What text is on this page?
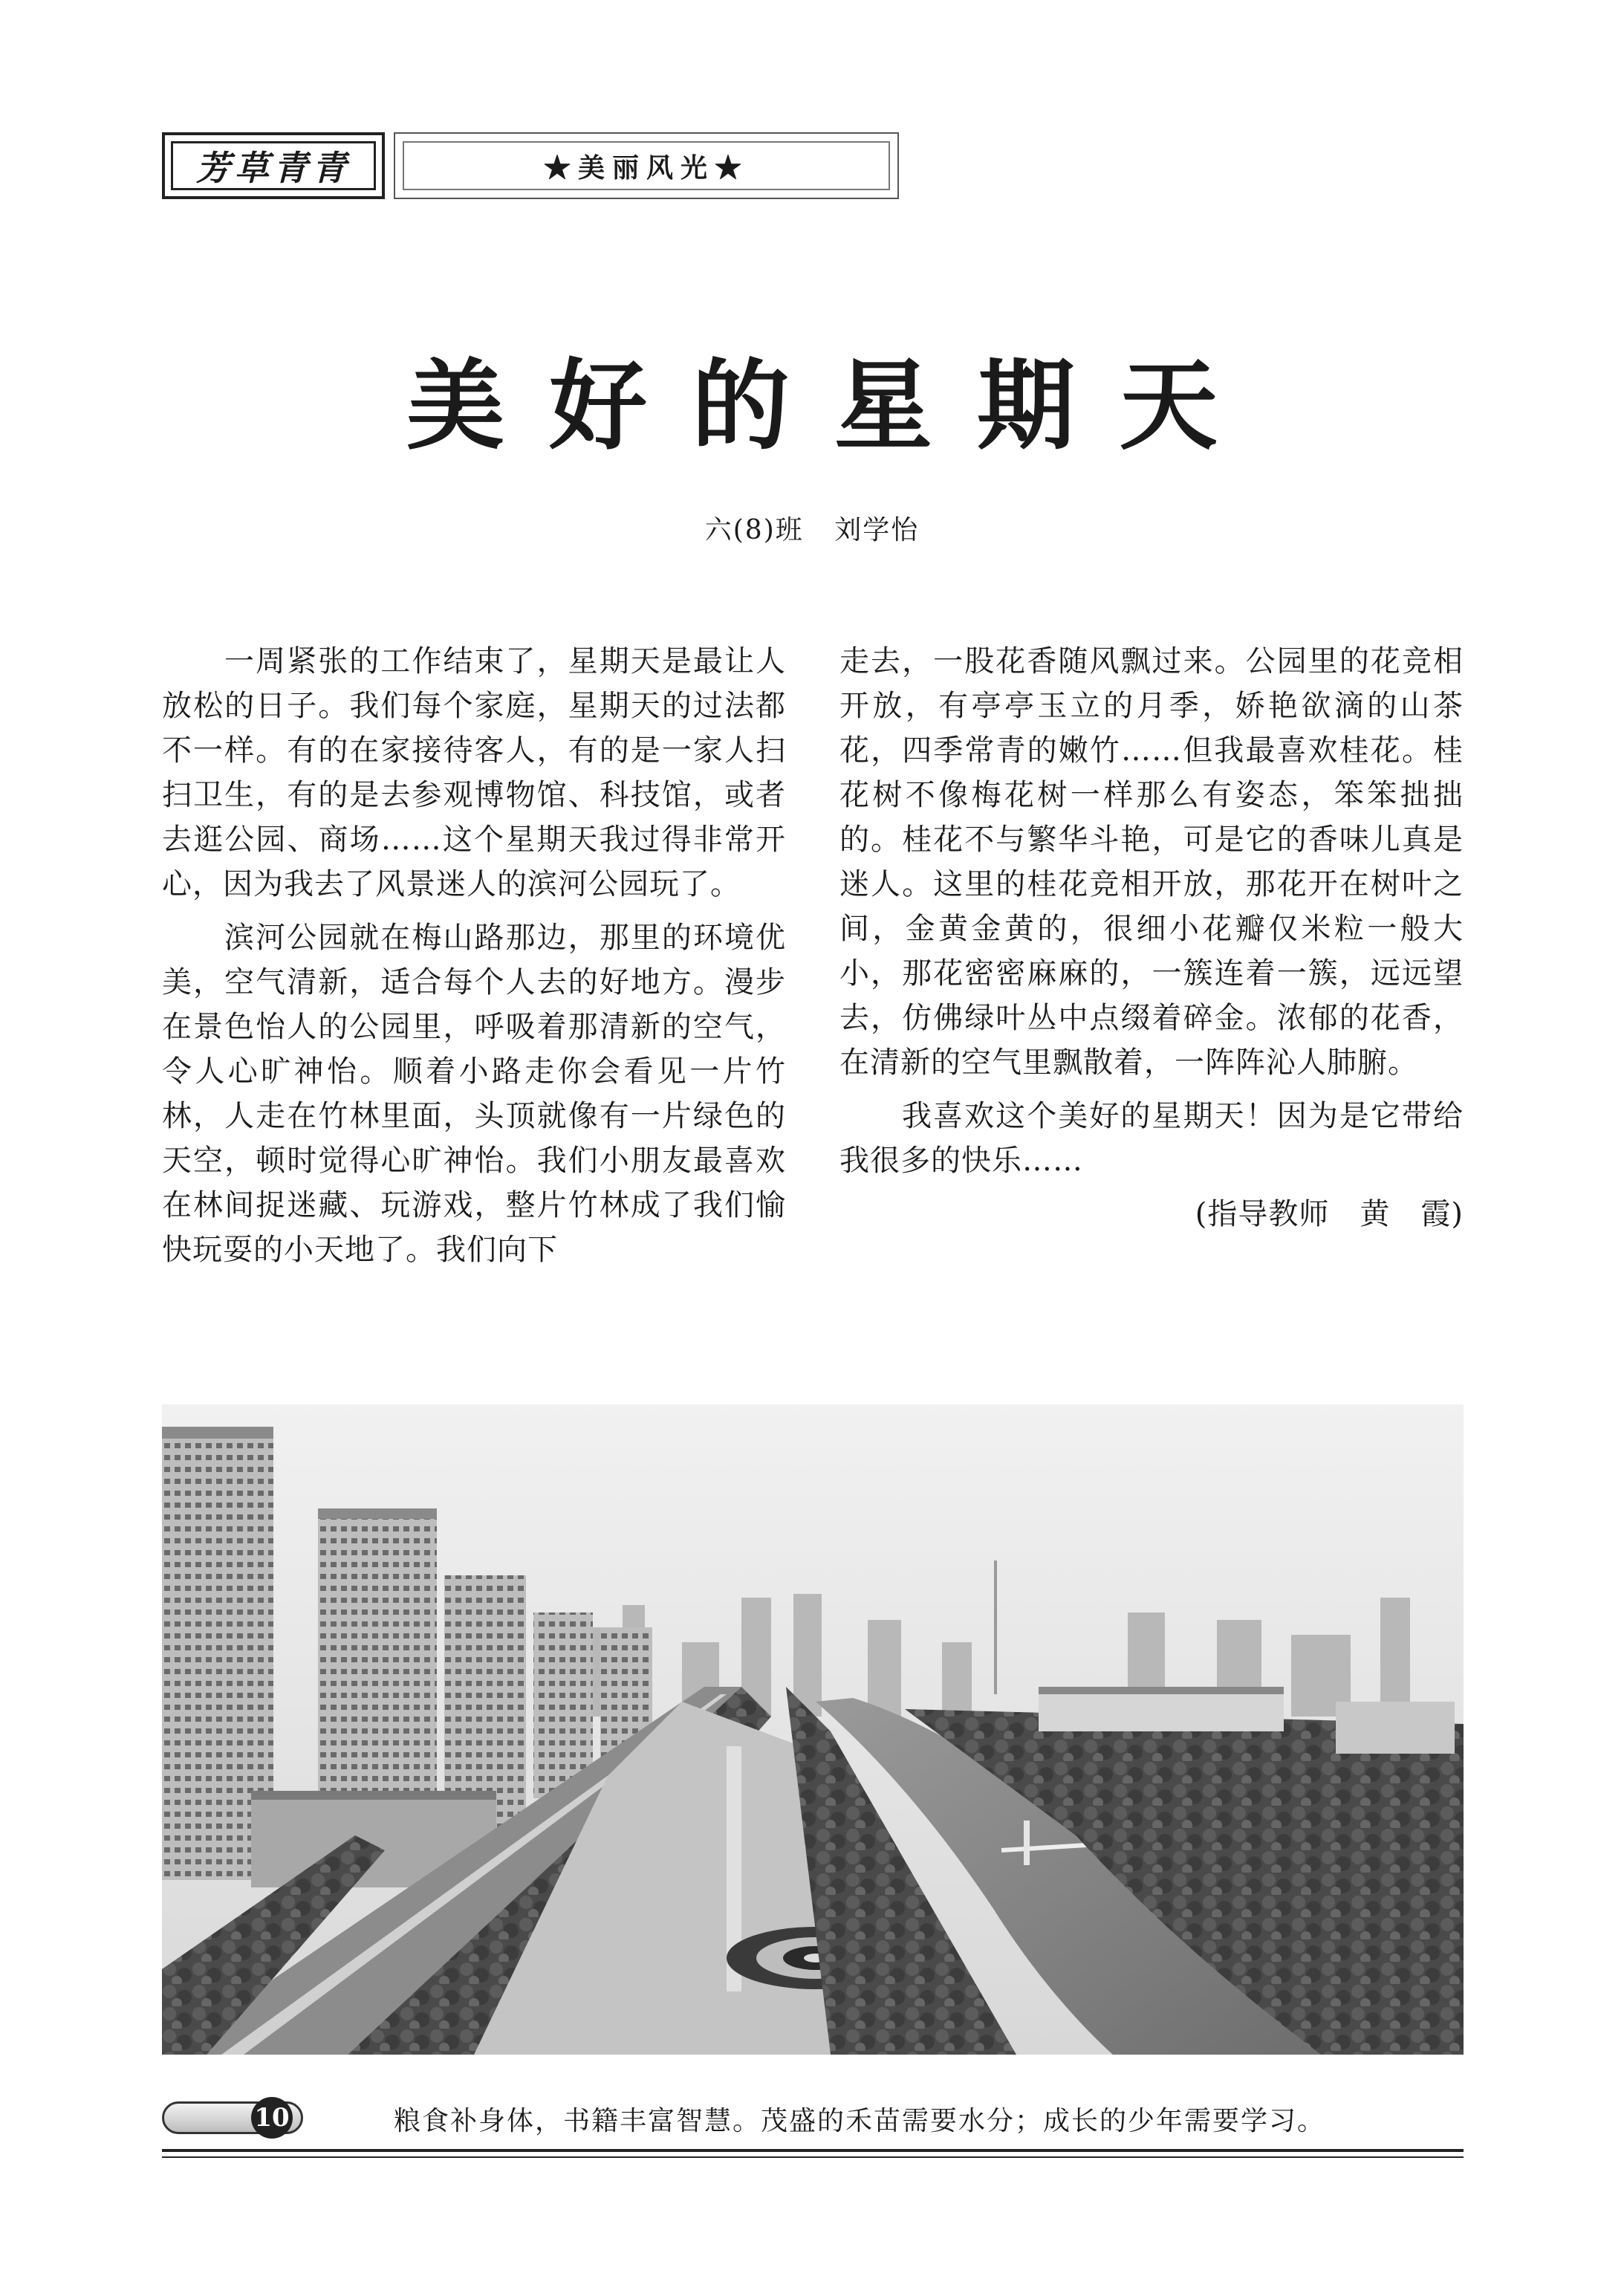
芳草青青	★美丽风光★
美好的星期天
六(8)班 刘学怡

一周紧张的工作结束了，星期天是最让人放松的日子。我们每个家庭，星期天的过法都不一样。有的在家接待客人，有的是一家人扫扫卫生，有的是去参观博物馆、科技馆，或者去逛公园、商场……这个星期天我过得非常开心，因为我去了风景迷人的滨河公园玩了。

滨河公园就在梅山路那边，那里的环境优美，空气清新，适合每个人去的好地方。漫步在景色怡人的公园里，呼吸着那清新的空气，令人心旷神怡。顺着小路走你会看见一片竹林，人走在竹林里面，头顶就像有一片绿色的天空，顿时觉得心旷神怡。我们小朋友最喜欢在林间捉迷藏、玩游戏，整片竹林成了我们愉快玩耍的小天地了。我们向下

走去，一股花香随风飘过来。公园里的花竞相开放，有亭亭玉立的月季，娇艳欲滴的山茶花，四季常青的嫩竹……但我最喜欢桂花。桂花树不像梅花树一样那么有姿态，笨笨拙拙的。桂花不与繁华斗艳，可是它的香味儿真是迷人。这里的桂花竞相开放，那花开在树叶之间，金黄金黄的，很细小花瓣仅米粒一般大小，那花密密麻麻的，一簇连着一簇，远远望去，仿佛绿叶丛中点缀着碎金。浓郁的花香，在清新的空气里飘散着，一阵阵沁人肺腑。

我喜欢这个美好的星期天！因为是它带给我很多的快乐……

(指导教师　黄　霞)
10	粮食补身体，书籍丰富智慧。茂盛的禾苗需要水分；成长的少年需要学习。
